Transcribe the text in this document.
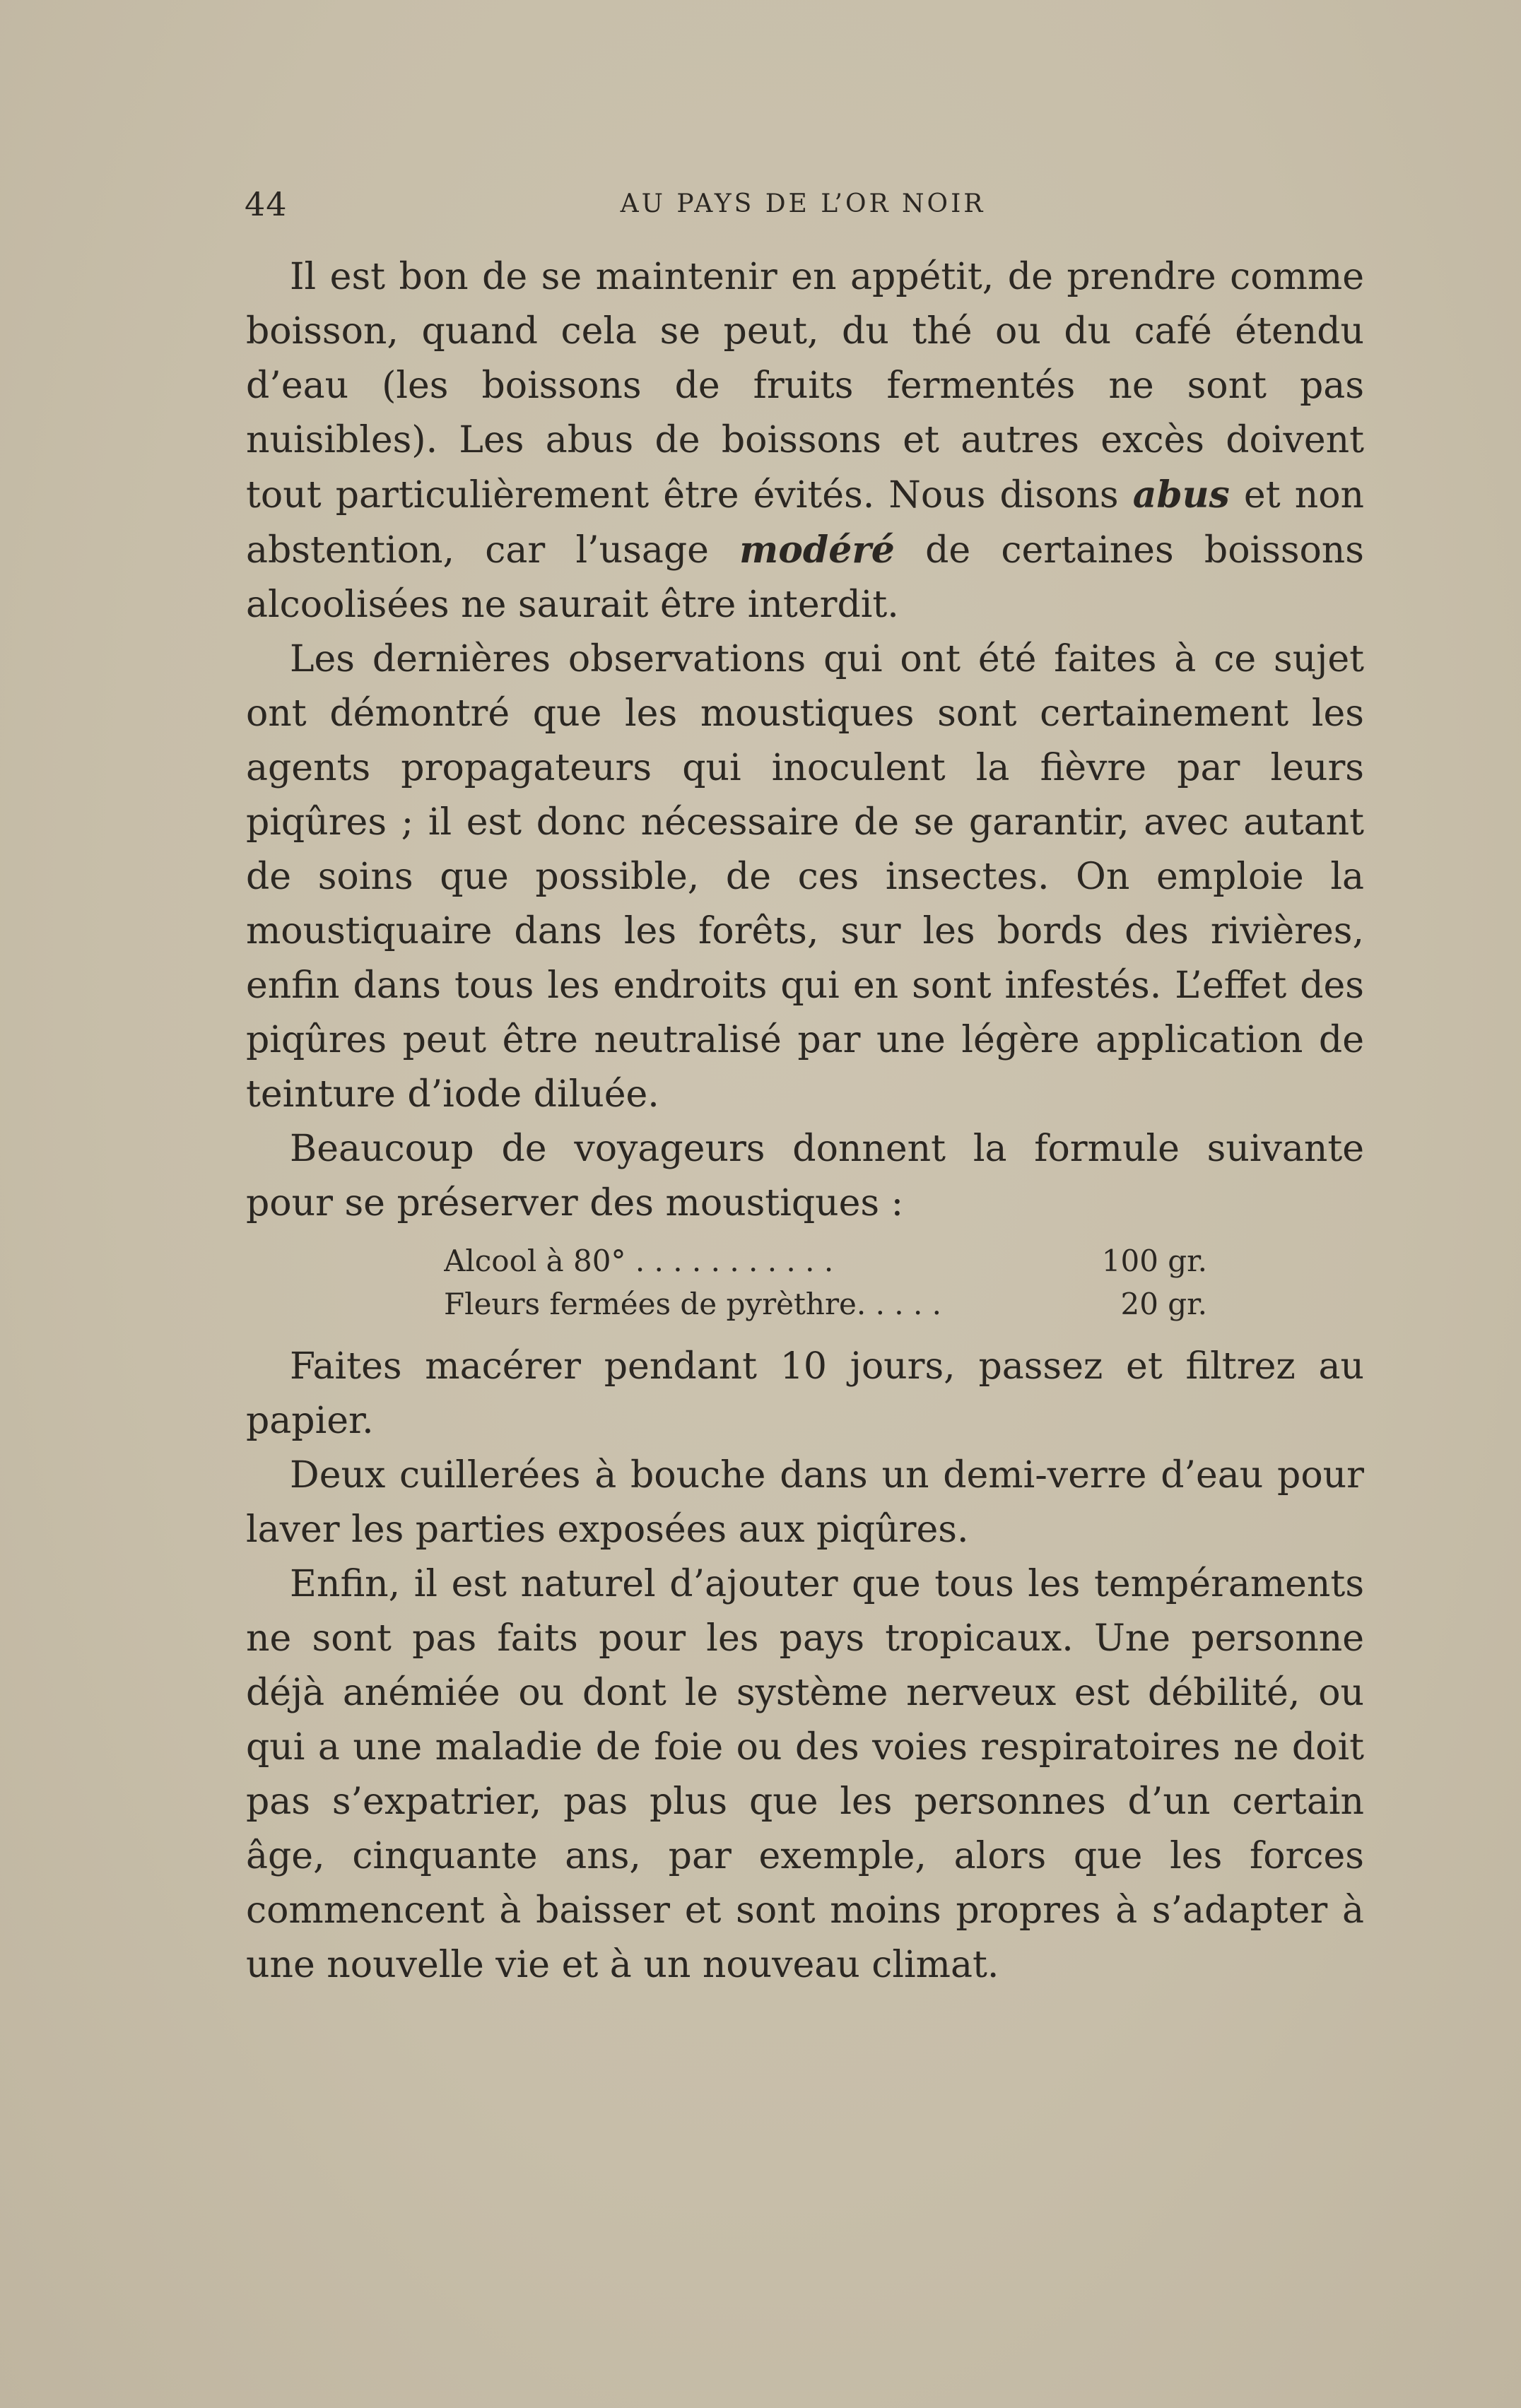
44	AU PAYS DE L’OR NOIR

Il est bon de se maintenir en appétit, de prendre comme boisson, quand cela se peut, du thé ou du café étendu d’eau (les boissons de fruits fermentés ne sont pas nuisibles). Les abus de boissons et autres excès doivent tout particulièrement être évités. Nous disons abus et non abstention, car l’usage modéré de certaines boissons alcoolisées ne saurait être interdit.

Les dernières observations qui ont été faites à ce sujet ont démontré que les moustiques sont certainement les agents propagateurs qui inoculent la fièvre par leurs piqûres ; il est donc nécessaire de se garantir, avec autant de soins que possible, de ces insectes. On emploie la moustiquaire dans les forêts, sur les bords des rivières, enfin dans tous les endroits qui en sont infestés. L’effet des piqûres peut être neutralisé par une légère application de teinture d’iode diluée.

Beaucoup de voyageurs donnent la formule suivante pour se préserver des moustiques :

Alcool à 80° . . . . . . . . . . .	100 gr.
Fleurs fermées de pyrèthre. . . . .	20 gr.

Faites macérer pendant 10 jours, passez et filtrez au papier.

Deux cuillerées à bouche dans un demi-verre d’eau pour laver les parties exposées aux piqûres.

Enfin, il est naturel d’ajouter que tous les tempéraments ne sont pas faits pour les pays tropicaux. Une personne déjà anémiée ou dont le système nerveux est débilité, ou qui a une maladie de foie ou des voies respiratoires ne doit pas s’expatrier, pas plus que les personnes d’un certain âge, cinquante ans, par exemple, alors que les forces commencent à baisser et sont moins propres à s’adapter à une nouvelle vie et à un nouveau climat.
